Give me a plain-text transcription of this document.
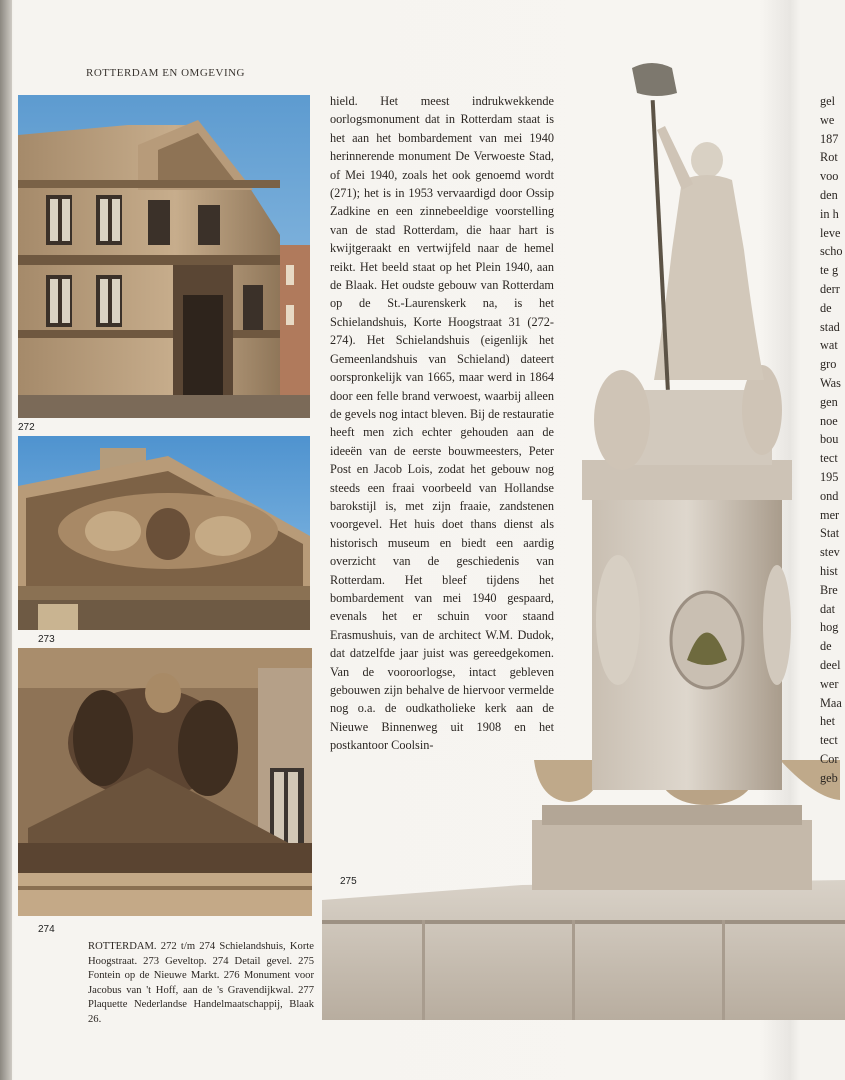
ROTTERDAM EN OMGEVING
272
273
274

hield. Het meest indrukwekkende oorlogsmonument dat in Rotterdam staat is het aan het bombardement van mei 1940 herinnerende monument De Verwoeste Stad, of Mei 1940, zoals het ook genoemd wordt (271); het is in 1953 vervaardigd door Ossip Zadkine en een zinnebeeldige voorstelling van de stad Rotterdam, die haar hart is kwijtgeraakt en vertwijfeld naar de hemel reikt. Het beeld staat op het Plein 1940, aan de Blaak. Het oudste gebouw van Rotterdam op de St.-Laurenskerk na, is het Schielandshuis, Korte Hoogstraat 31 (272-274). Het Schielandshuis (eigenlijk het Gemeenlandshuis van Schieland) dateert oorspronkelijk van 1665, maar werd in 1864 door een felle brand verwoest, waarbij alleen de gevels nog intact bleven. Bij de restauratie heeft men zich echter gehouden aan de ideeën van de eerste bouwmeesters, Peter Post en Jacob Lois, zodat het gebouw nog steeds een fraai voorbeeld van Hollandse barokstijl is, met zijn fraaie, zandstenen voorgevel. Het huis doet thans dienst als historisch museum en biedt een aardig overzicht van de geschiedenis van Rotterdam. Het bleef tijdens het bombardement van mei 1940 gespaard, evenals het er schuin voor staand Erasmushuis, van de architect W.M. Dudok, dat datzelfde jaar juist was gereedgekomen. Van de vooroorlogse, intact gebleven gebouwen zijn behalve de hiervoor vermelde nog o.a. de oudkatholieke kerk aan de Nieuwe Binnenweg uit 1908 en het postkantoor Coolsin-

275
ROTTERDAM. 272 t/m 274 Schielandshuis, Korte Hoogstraat. 273 Geveltop. 274 Detail gevel. 275 Fontein op de Nieuwe Markt. 276 Monument voor Jacobus van 't Hoff, aan de 's Gravendijkwal. 277 Plaquette Nederlandse Handelmaatschappij, Blaak 26.
gel
we
187
Rot
voo
den
in h
leve
scho
te g
derr
de
stad
wat
gro
Was
gen
noe
bou
tect
195
ond
mer
Stat
stev
hist
Bre
dat
hog
de
deel
wer
Maa
het
tect
Cor
geb
